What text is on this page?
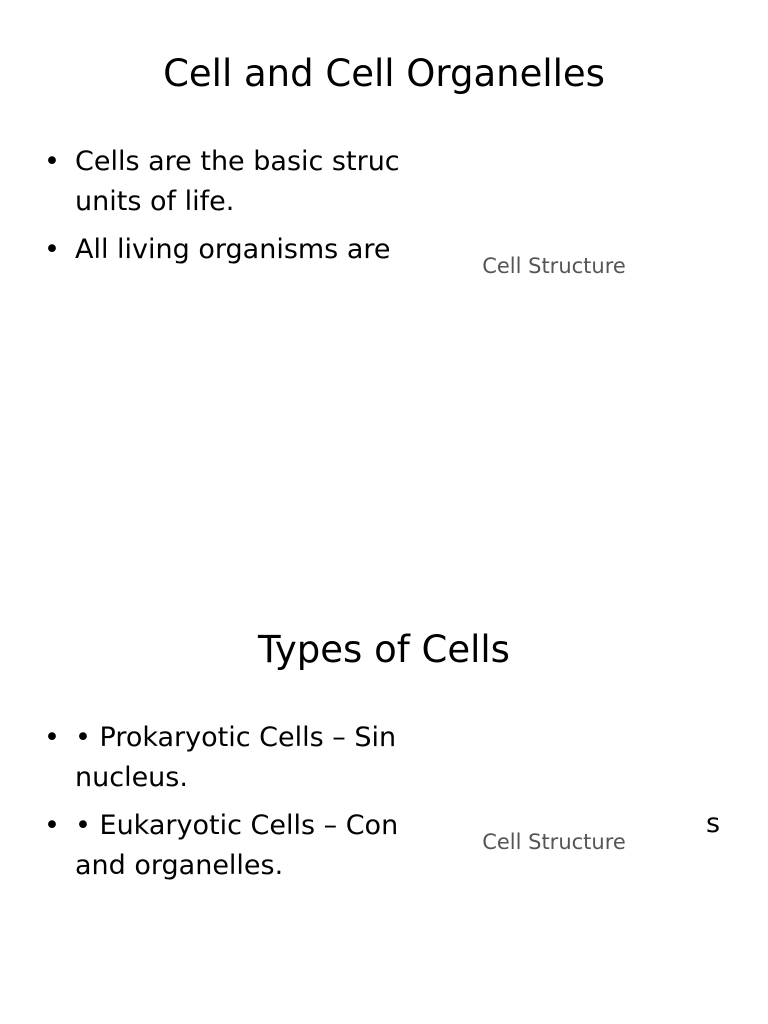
Cell and Cell Organelles
• Cells are the basic struc
units of life.
• All living organisms are
Cell Structure
Types of Cells
• • Prokaryotic Cells – Sin
nucleus.
• • Eukaryotic Cells – Con
and organelles.
Cell Structure
s
